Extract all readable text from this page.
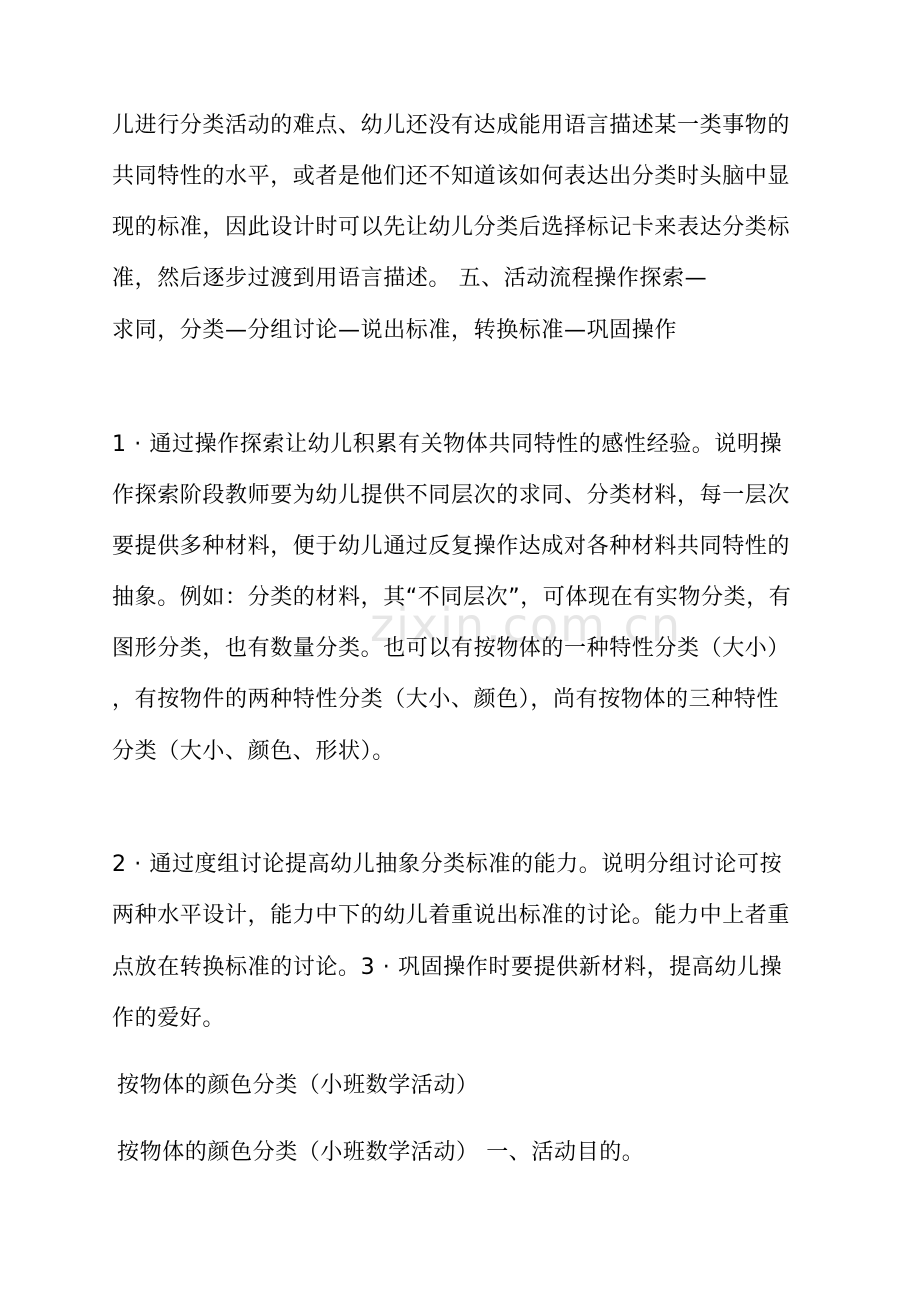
zixin.com.cn
儿进行分类活动的难点、幼儿还没有达成能用语言描述某一类事物的
共同特性的水平，或者是他们还不知道该如何表达出分类时头脑中显
现的标准，因此设计时可以先让幼儿分类后选择标记卡来表达分类标
准，然后逐步过渡到用语言描述。 五、活动流程操作探索—
求同，分类—分组讨论—说出标准，转换标准—巩固操作
1 · 通过操作探索让幼儿积累有关物体共同特性的感性经验。说明操
作探索阶段教师要为幼儿提供不同层次的求同、分类材料，每一层次
要提供多种材料，便于幼儿通过反复操作达成对各种材料共同特性的
抽象。例如：分类的材料，其“不同层次”，可体现在有实物分类，有
图形分类，也有数量分类。也可以有按物体的一种特性分类（大小）
，有按物件的两种特性分类（大小、颜色），尚有按物体的三种特性
分类（大小、颜色、形状）。
2 · 通过度组讨论提高幼儿抽象分类标准的能力。说明分组讨论可按
两种水平设计，能力中下的幼儿着重说出标准的讨论。能力中上者重
点放在转换标准的讨论。3 · 巩固操作时要提供新材料，提高幼儿操
作的爱好。
按物体的颜色分类（小班数学活动）
按物体的颜色分类（小班数学活动） 一、活动目的。
